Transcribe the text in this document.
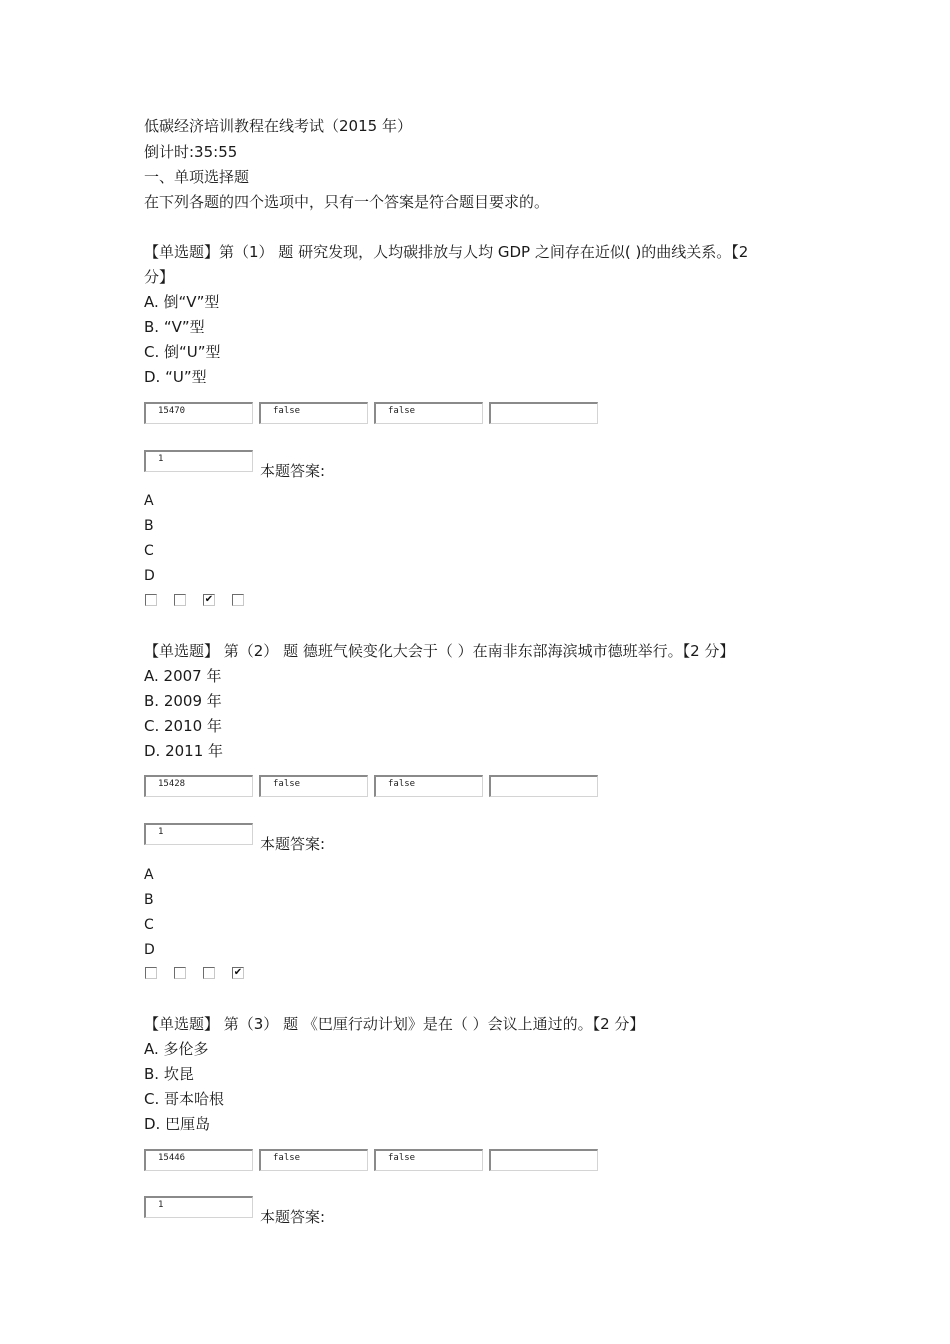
低碳经济培训教程在线考试（2015 年）
倒计时:35:55
一、单项选择题
在下列各题的四个选项中，只有一个答案是符合题目要求的。
【单选题】第（1） 题 研究发现，人均碳排放与人均 GDP 之间存在近似( )的曲线关系。【2
分】
A. 倒“V”型
B. “V”型
C. 倒“U”型
D. “U”型
15470	false	false
1
本题答案:
A
B
C
D
✔
【单选题】 第（2） 题 德班气候变化大会于（ ）在南非东部海滨城市德班举行。【2 分】
A. 2007 年
B. 2009 年
C. 2010 年
D. 2011 年
15428	false	false
1
本题答案:
A
B
C
D
✔
【单选题】 第（3） 题 《巴厘行动计划》是在（ ）会议上通过的。【2 分】
A. 多伦多
B. 坎昆
C. 哥本哈根
D. 巴厘岛
15446	false	false
1
本题答案:
